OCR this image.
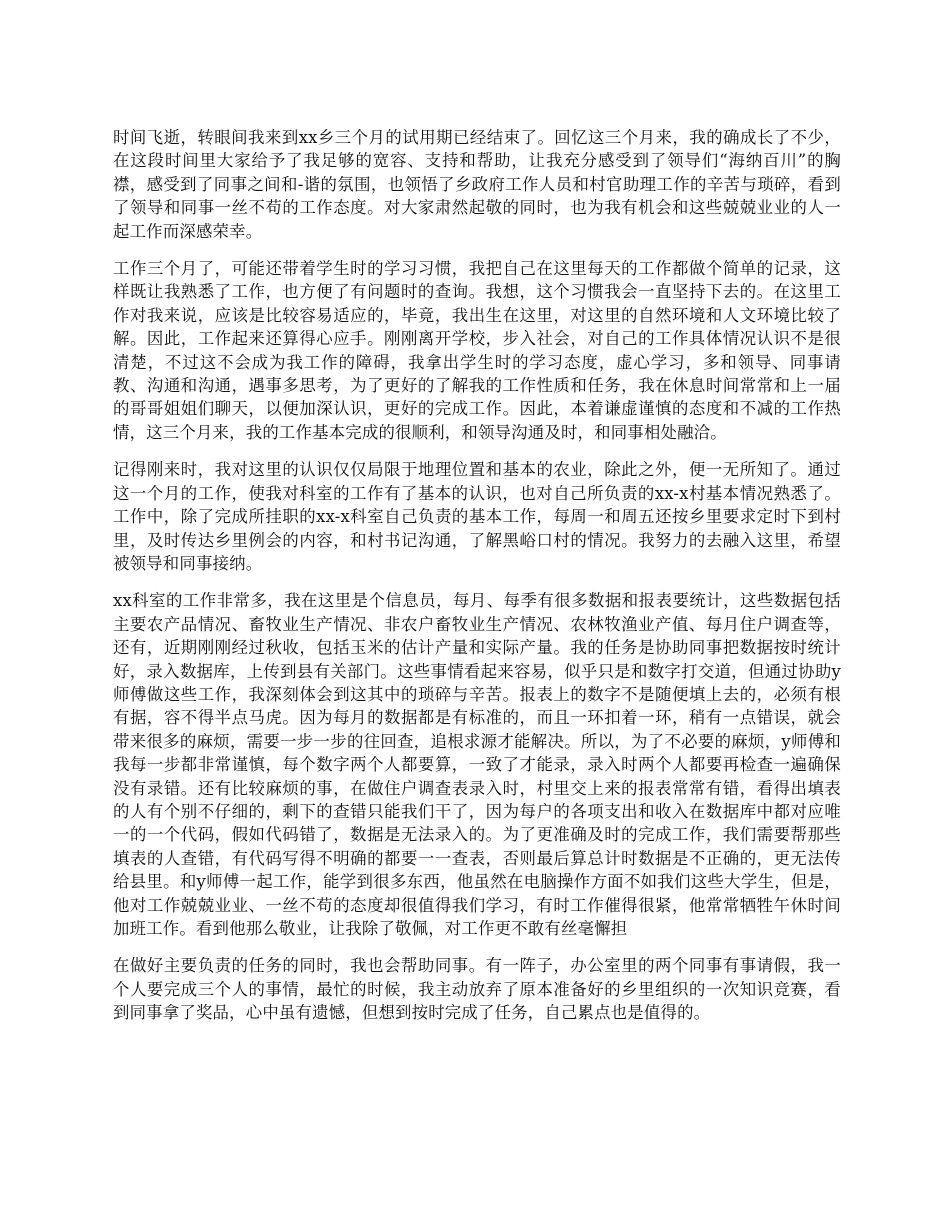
时间飞逝，转眼间我来到xx乡三个月的试用期已经结束了。回忆这三个月来，我的确成长了不少，在这段时间里大家给予了我足够的宽容、支持和帮助，让我充分感受到了领导们“海纳百川”的胸襟，感受到了同事之间和-谐的氛围，也领悟了乡政府工作人员和村官助理工作的辛苦与琐碎，看到了领导和同事一丝不苟的工作态度。对大家肃然起敬的同时，也为我有机会和这些兢兢业业的人一起工作而深感荣幸。

工作三个月了，可能还带着学生时的学习习惯，我把自己在这里每天的工作都做个简单的记录，这样既让我熟悉了工作，也方便了有问题时的查询。我想，这个习惯我会一直坚持下去的。在这里工作对我来说，应该是比较容易适应的，毕竟，我出生在这里，对这里的自然环境和人文环境比较了解。因此，工作起来还算得心应手。刚刚离开学校，步入社会，对自己的工作具体情况认识不是很清楚，不过这不会成为我工作的障碍，我拿出学生时的学习态度，虚心学习，多和领导、同事请教、沟通和沟通，遇事多思考，为了更好的了解我的工作性质和任务，我在休息时间常常和上一届的哥哥姐姐们聊天，以便加深认识，更好的完成工作。因此，本着谦虚谨慎的态度和不减的工作热情，这三个月来，我的工作基本完成的很顺利，和领导沟通及时，和同事相处融洽。

记得刚来时，我对这里的认识仅仅局限于地理位置和基本的农业，除此之外，便一无所知了。通过这一个月的工作，使我对科室的工作有了基本的认识，也对自己所负责的xx-x村基本情况熟悉了。工作中，除了完成所挂职的xx-x科室自己负责的基本工作，每周一和周五还按乡里要求定时下到村里，及时传达乡里例会的内容，和村书记沟通，了解黑峪口村的情况。我努力的去融入这里，希望被领导和同事接纳。

xx科室的工作非常多，我在这里是个信息员，每月、每季有很多数据和报表要统计，这些数据包括主要农产品情况、畜牧业生产情况、非农户畜牧业生产情况、农林牧渔业产值、每月住户调查等，还有，近期刚刚经过秋收，包括玉米的估计产量和实际产量。我的任务是协助同事把数据按时统计好，录入数据库，上传到县有关部门。这些事情看起来容易，似乎只是和数字打交道，但通过协助y师傅做这些工作，我深刻体会到这其中的琐碎与辛苦。报表上的数字不是随便填上去的，必须有根有据，容不得半点马虎。因为每月的数据都是有标准的，而且一环扣着一环，稍有一点错误，就会带来很多的麻烦，需要一步一步的往回查，追根求源才能解决。所以，为了不必要的麻烦，y师傅和我每一步都非常谨慎，每个数字两个人都要算，一致了才能录，录入时两个人都要再检查一遍确保没有录错。还有比较麻烦的事，在做住户调查表录入时，村里交上来的报表常常有错，看得出填表的人有个别不仔细的，剩下的查错只能我们干了，因为每户的各项支出和收入在数据库中都对应唯一的一个代码，假如代码错了，数据是无法录入的。为了更准确及时的完成工作，我们需要帮那些填表的人查错，有代码写得不明确的都要一一查表，否则最后算总计时数据是不正确的，更无法传给县里。和y师傅一起工作，能学到很多东西，他虽然在电脑操作方面不如我们这些大学生，但是，他对工作兢兢业业、一丝不苟的态度却很值得我们学习，有时工作催得很紧，他常常牺牲午休时间加班工作。看到他那么敬业，让我除了敬佩，对工作更不敢有丝毫懈担

在做好主要负责的任务的同时，我也会帮助同事。有一阵子，办公室里的两个同事有事请假，我一个人要完成三个人的事情，最忙的时候，我主动放弃了原本准备好的乡里组织的一次知识竞赛，看到同事拿了奖品，心中虽有遗憾，但想到按时完成了任务，自己累点也是值得的。
